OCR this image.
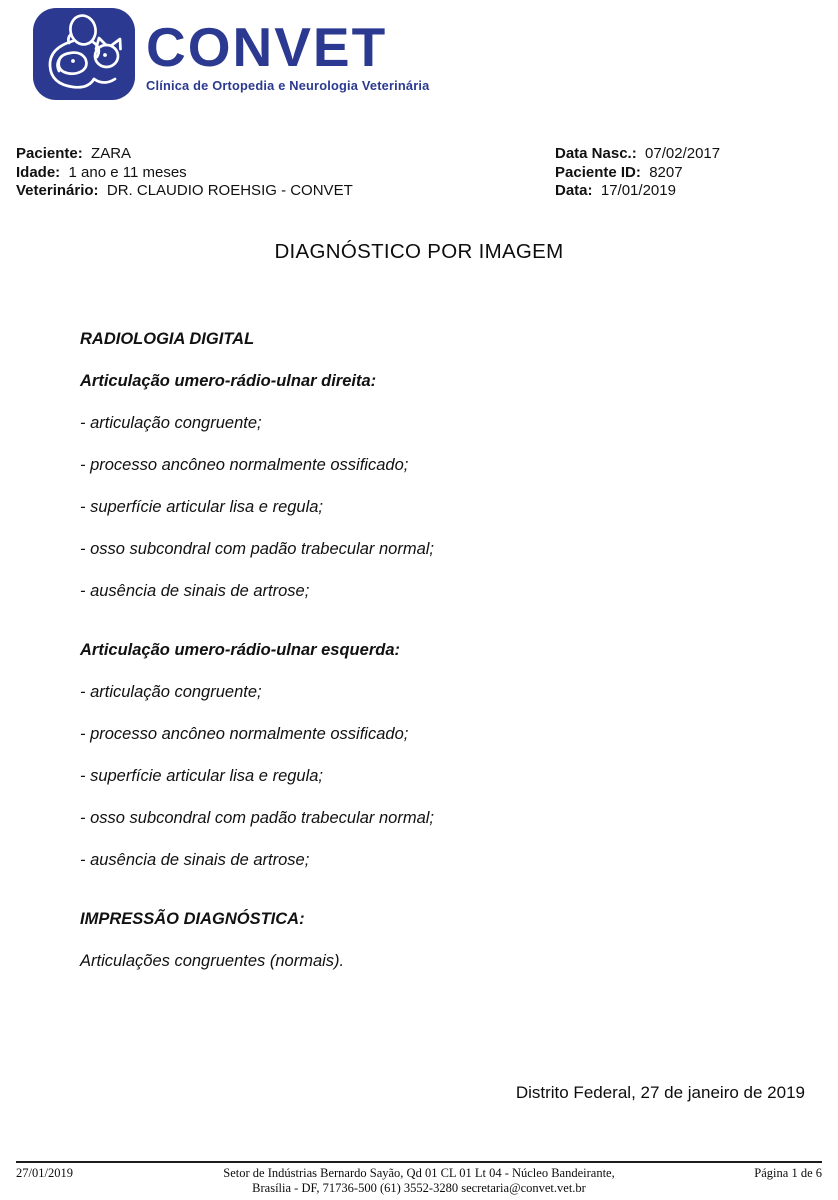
CONVET
Clínica de Ortopedia e Neurologia Veterinária
Paciente: ZARA
Idade: 1 ano e 11 meses
Veterinário: DR. CLAUDIO ROEHSIG - CONVET
Data Nasc.: 07/02/2017
Paciente ID: 8207
Data: 17/01/2019
DIAGNÓSTICO POR IMAGEM

RADIOLOGIA DIGITAL

Articulação umero-rádio-ulnar direita:

- articulação congruente;

- processo ancôneo normalmente ossificado;

- superfície articular lisa e regula;

- osso subcondral com padão trabecular normal;

- ausência de sinais de artrose;

Articulação umero-rádio-ulnar esquerda:

- articulação congruente;

- processo ancôneo normalmente ossificado;

- superfície articular lisa e regula;

- osso subcondral com padão trabecular normal;

- ausência de sinais de artrose;

IMPRESSÃO DIAGNÓSTICA:

Articulações congruentes (normais).

Distrito Federal, 27 de janeiro de 2019
27/01/2019	Setor de Indústrias Bernardo Sayão, Qd 01 CL 01 Lt 04 - Núcleo Bandeirante,
Brasília - DF, 71736-500 (61) 3552-3280 secretaria@convet.vet.br
Página 1 de 6
